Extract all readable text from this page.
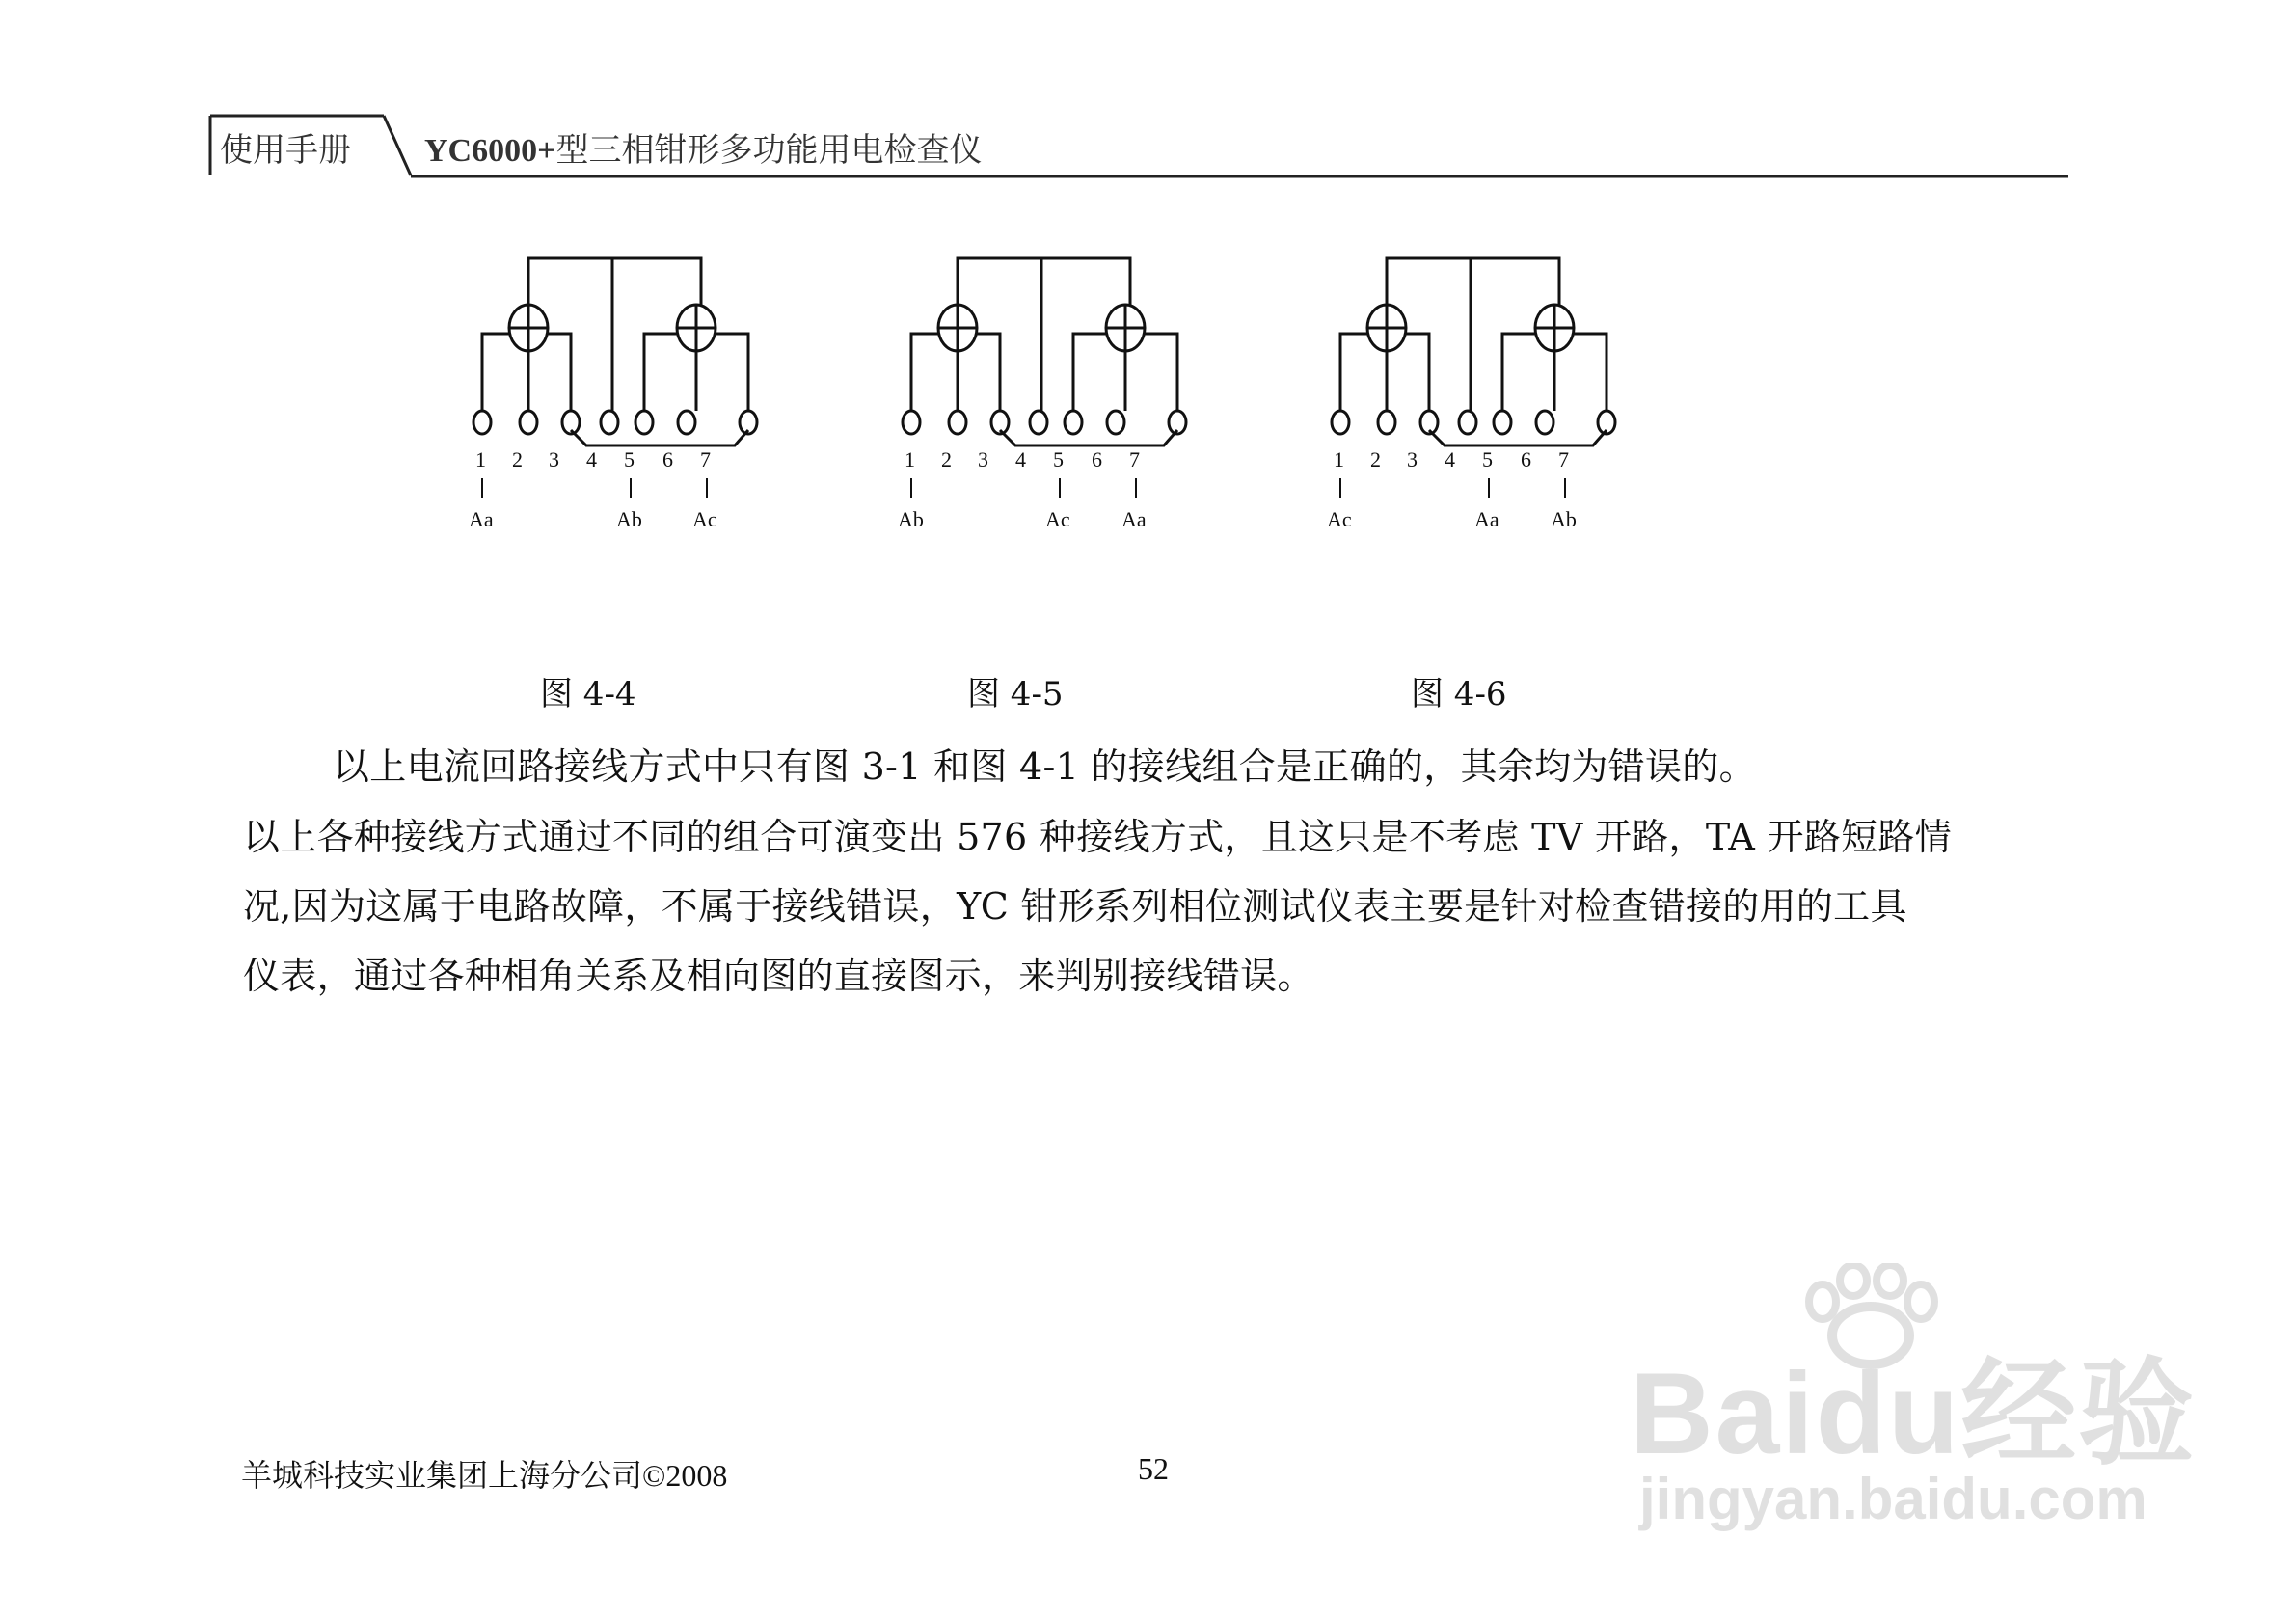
使用手册 YC6000+型三相钳形多功能用电检查仪
1 2 3 4 5 6 7
Aa	Ab Ac
1 2 3 4 5 6 7
Ab	Ac Aa
1 2 3 4 5 6 7
Ac	Aa Ab
图 4-4	图 4-5	图 4-6
以上电流回路接线方式中只有图 3-1 和图 4-1 的接线组合是正确的，其余均为错误的。
以上各种接线方式通过不同的组合可演变出 576 种接线方式，且这只是不考虑 TV 开路，TA 开路短路情
况,因为这属于电路故障，不属于接线错误，YC 钳形系列相位测试仪表主要是针对检查错接的用的工具
仪表，通过各种相角关系及相向图的直接图示，来判别接线错误。
羊城科技实业集团上海分公司©2008	52	Baidu经验
jingyan.baidu.com
